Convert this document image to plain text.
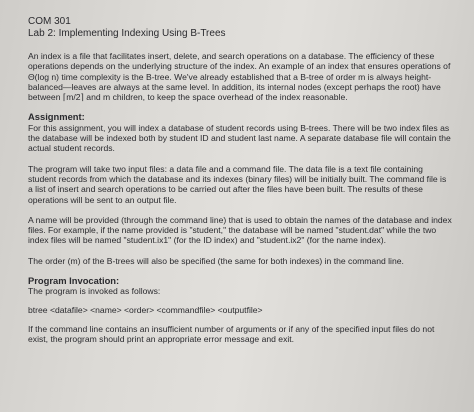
COM 301
Lab 2: Implementing Indexing Using B-Trees

An index is a file that facilitates insert, delete, and search operations on a database. The efficiency of these operations depends on the underlying structure of the index. An example of an index that ensures operations of Θ(log n) time complexity is the B-tree. We've already established that a B-tree of order m is always height-balanced—leaves are always at the same level. In addition, its internal nodes (except perhaps the root) have between ⌈m/2⌉ and m children, to keep the space overhead of the index reasonable.

Assignment:
For this assignment, you will index a database of student records using B-trees. There will be two index files as the database will be indexed both by student ID and student last name. A separate database file will contain the actual student records.

The program will take two input files: a data file and a command file. The data file is a text file containing student records from which the database and its indexes (binary files) will be initially built. The command file is a list of insert and search operations to be carried out after the files have been built. The results of these operations will be sent to an output file.

A name will be provided (through the command line) that is used to obtain the names of the database and index files. For example, if the name provided is "student," the database will be named "student.dat" while the two index files will be named "student.ix1" (for the ID index) and "student.ix2" (for the name index).

The order (m) of the B-trees will also be specified (the same for both indexes) in the command line.

Program Invocation:
The program is invoked as follows:

btree <datafile> <name> <order> <commandfile> <outputfile>

If the command line contains an insufficient number of arguments or if any of the specified input files do not exist, the program should print an appropriate error message and exit.
